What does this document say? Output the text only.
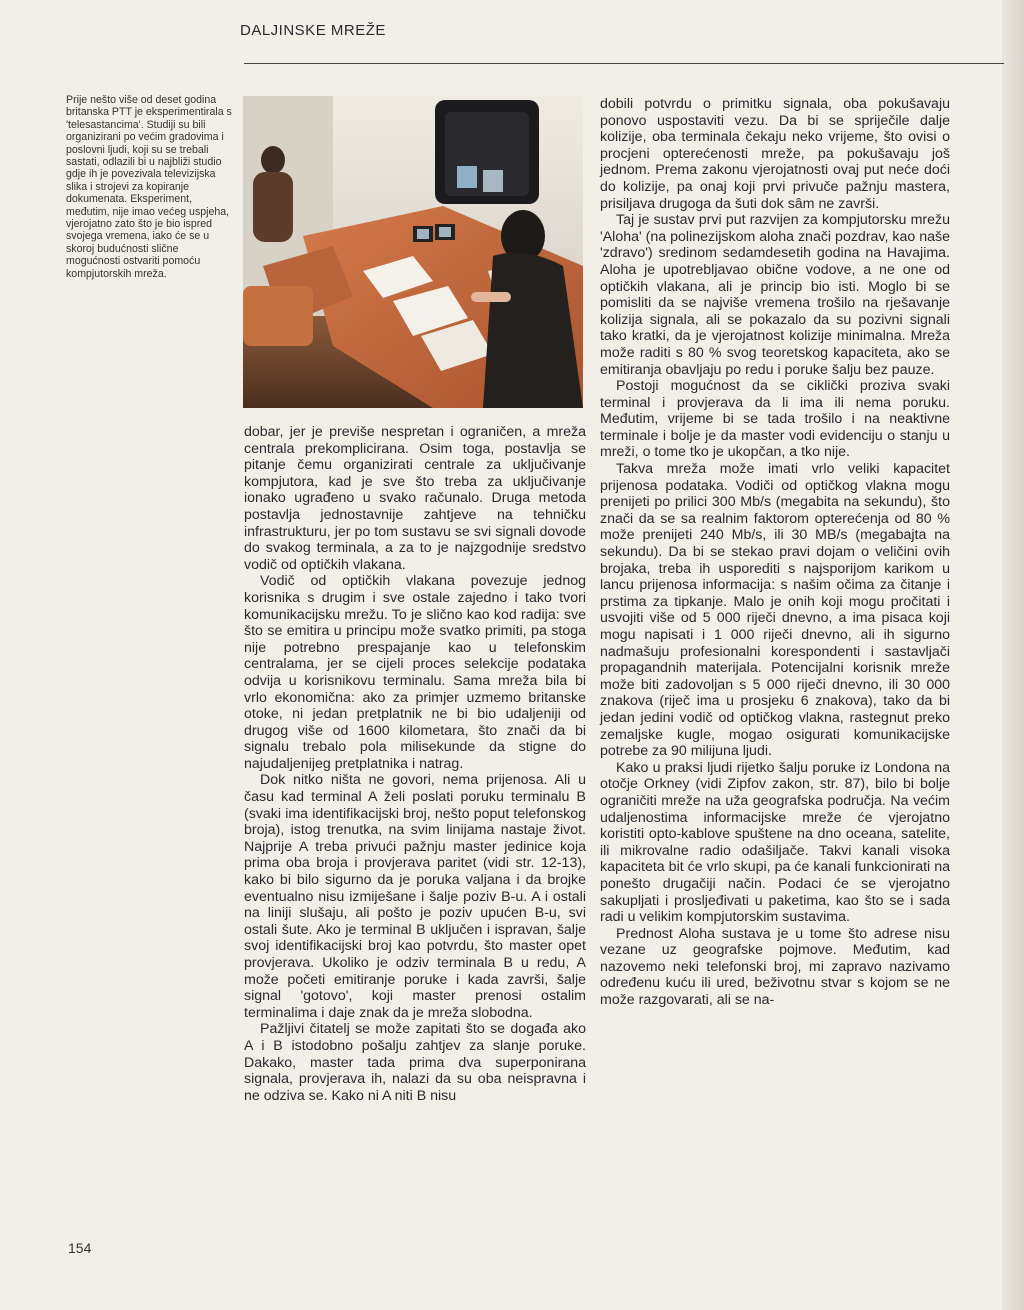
DALJINSKE MREŽE
Prije nešto više od deset godina britanska PTT je eksperimentirala s 'telesastancima'. Studiji su bili organizirani po većim gradovima i poslovni ljudi, koji su se trebali sastati, odlazili bi u najbliži studio gdje ih je povezivala televizijska slika i strojevi za kopiranje dokumenata. Eksperiment, međutim, nije imao većeg uspjeha, vjerojatno zato što je bio ispred svojega vremena, iako će se u skoroj budućnosti slične mogućnosti ostvariti pomoću kompjutorskih mreža.

dobar, jer je previše nespretan i ograničen, a mreža centrala prekomplicirana. Osim toga, postavlja se pitanje čemu organizirati centrale za uključivanje kompjutora, kad je sve što treba za uključivanje ionako ugrađeno u svako računalo. Druga metoda postavlja jednostavnije zahtjeve na tehničku infrastrukturu, jer po tom sustavu se svi signali dovode do svakog terminala, a za to je najzgodnije sredstvo vodič od optičkih vlakana.

Vodič od optičkih vlakana povezuje jednog korisnika s drugim i sve ostale zajedno i tako tvori komunikacijsku mrežu. To je slično kao kod radija: sve što se emitira u principu može svatko primiti, pa stoga nije potrebno prespajanje kao u telefonskim centralama, jer se cijeli proces selekcije podataka odvija u korisnikovu terminalu. Sama mreža bila bi vrlo ekonomična: ako za primjer uzmemo britanske otoke, ni jedan pretplatnik ne bi bio udaljeniji od drugog više od 1600 kilometara, što znači da bi signalu trebalo pola milisekunde da stigne do najudaljenijeg pretplatnika i natrag.

Dok nitko ništa ne govori, nema prijenosa. Ali u času kad terminal A želi poslati poruku terminalu B (svaki ima identifikacijski broj, nešto poput telefonskog broja), istog trenutka, na svim linijama nastaje život. Najprije A treba privući pažnju master jedinice koja prima oba broja i provjerava paritet (vidi str. 12-13), kako bi bilo sigurno da je poruka valjana i da brojke eventualno nisu izmiješane i šalje poziv B-u. A i ostali na liniji slušaju, ali pošto je poziv upućen B-u, svi ostali šute. Ako je terminal B uključen i ispravan, šalje svoj identifikacijski broj kao potvrdu, što master opet provjerava. Ukoliko je odziv terminala B u redu, A može početi emitiranje poruke i kada završi, šalje signal 'gotovo', koji master prenosi ostalim terminalima i daje znak da je mreža slobodna.

Pažljivi čitatelj se može zapitati što se događa ako A i B istodobno pošalju zahtjev za slanje poruke. Dakako, master tada prima dva superponirana signala, provjerava ih, nalazi da su oba neispravna i ne odziva se. Kako ni A niti B nisu

dobili potvrdu o primitku signala, oba pokušavaju ponovo uspostaviti vezu. Da bi se spriječile dalje kolizije, oba terminala čekaju neko vrijeme, što ovisi o procjeni opterećenosti mreže, pa pokušavaju još jednom. Prema zakonu vjerojatnosti ovaj put neće doći do kolizije, pa onaj koji prvi privuče pažnju mastera, prisiljava drugoga da šuti dok sâm ne završi.

Taj je sustav prvi put razvijen za kompjutorsku mrežu 'Aloha' (na polinezijskom aloha znači pozdrav, kao naše 'zdravo') sredinom sedamdesetih godina na Havajima. Aloha je upotrebljavao obične vodove, a ne one od optičkih vlakana, ali je princip bio isti. Moglo bi se pomisliti da se najviše vremena trošilo na rješavanje kolizija signala, ali se pokazalo da su pozivni signali tako kratki, da je vjerojatnost kolizije minimalna. Mreža može raditi s 80 % svog teoretskog kapaciteta, ako se emitiranja obavljaju po redu i poruke šalju bez pauze.

Postoji mogućnost da se ciklički proziva svaki terminal i provjerava da li ima ili nema poruku. Međutim, vrijeme bi se tada trošilo i na neaktivne terminale i bolje je da master vodi evidenciju o stanju u mreži, o tome tko je ukopčan, a tko nije.

Takva mreža može imati vrlo veliki kapacitet prijenosa podataka. Vodiči od optičkog vlakna mogu prenijeti po prilici 300 Mb/s (megabita na sekundu), što znači da se sa realnim faktorom opterećenja od 80 % može prenijeti 240 Mb/s, ili 30 MB/s (megabajta na sekundu). Da bi se stekao pravi dojam o veličini ovih brojaka, treba ih usporediti s najsporijom karikom u lancu prijenosa informacija: s našim očima za čitanje i prstima za tipkanje. Malo je onih koji mogu pročitati i usvojiti više od 5 000 riječi dnevno, a ima pisaca koji mogu napisati i 1 000 riječi dnevno, ali ih sigurno nadmašuju profesionalni korespondenti i sastavljači propagandnih materijala. Potencijalni korisnik mreže može biti zadovoljan s 5 000 riječi dnevno, ili 30 000 znakova (riječ ima u prosjeku 6 znakova), tako da bi jedan jedini vodič od optičkog vlakna, rastegnut preko zemaljske kugle, mogao osigurati komunikacijske potrebe za 90 milijuna ljudi.

Kako u praksi ljudi rijetko šalju poruke iz Londona na otočje Orkney (vidi Zipfov zakon, str. 87), bilo bi bolje ograničiti mreže na uža geografska područja. Na većim udaljenostima informacijske mreže će vjerojatno koristiti opto-kablove spuštene na dno oceana, satelite, ili mikrovalne radio odašiljače. Takvi kanali visoka kapaciteta bit će vrlo skupi, pa će kanali funkcionirati na ponešto drugačiji način. Podaci će se vjerojatno sakupljati i prosljeđivati u paketima, kao što se i sada radi u velikim kompjutorskim sustavima.

Prednost Aloha sustava je u tome što adrese nisu vezane uz geografske pojmove. Međutim, kad nazovemo neki telefonski broj, mi zapravo nazivamo određenu kuću ili ured, beživotnu stvar s kojom se ne može razgovarati, ali se na-

154
